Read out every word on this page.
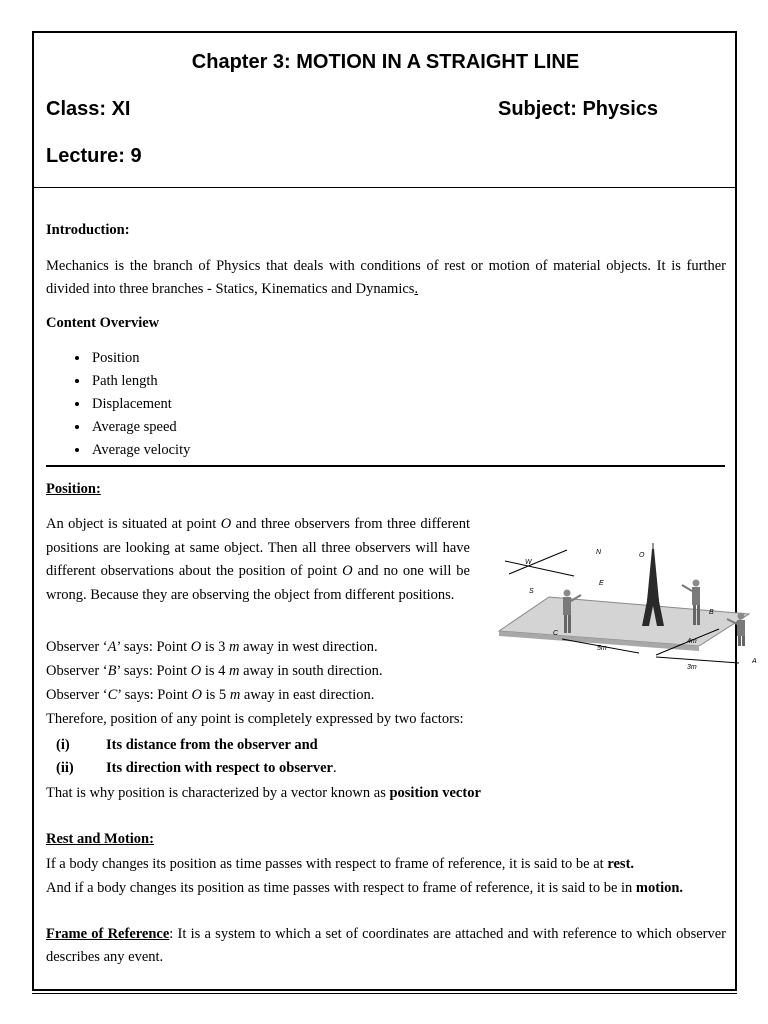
Chapter 3: MOTION IN A STRAIGHT LINE
Class: XI	Subject: Physics
Lecture: 9
Introduction:
Mechanics is the branch of Physics that deals with conditions of rest or motion of material objects. It is further divided into three branches - Statics, Kinematics and Dynamics.
Content Overview
• Position
• Path length
• Displacement
• Average speed
• Average velocity
Position:
An object is situated at point O and three observers from three different positions are looking at same object. Then all three observers will have different observations about the position of point O and no one will be wrong. Because they are observing the object from different positions.
W
N
S
E
O
C
B
A
5m
4m
3m
Observer ‘A’ says: Point O is 3 m away in west direction.
Observer ‘B’ says: Point O is 4 m away in south direction.
Observer ‘C’ says: Point O is 5 m away in east direction.
Therefore, position of any point is completely expressed by two factors:
(i)	Its distance from the observer and
(ii) Its direction with respect to observer.
That is why position is characterized by a vector known as position vector
Rest and Motion:
If a body changes its position as time passes with respect to frame of reference, it is said to be at rest.
And if a body changes its position as time passes with respect to frame of reference, it is said to be in motion.
Frame of Reference: It is a system to which a set of coordinates are attached and with reference to which observer describes any event.
